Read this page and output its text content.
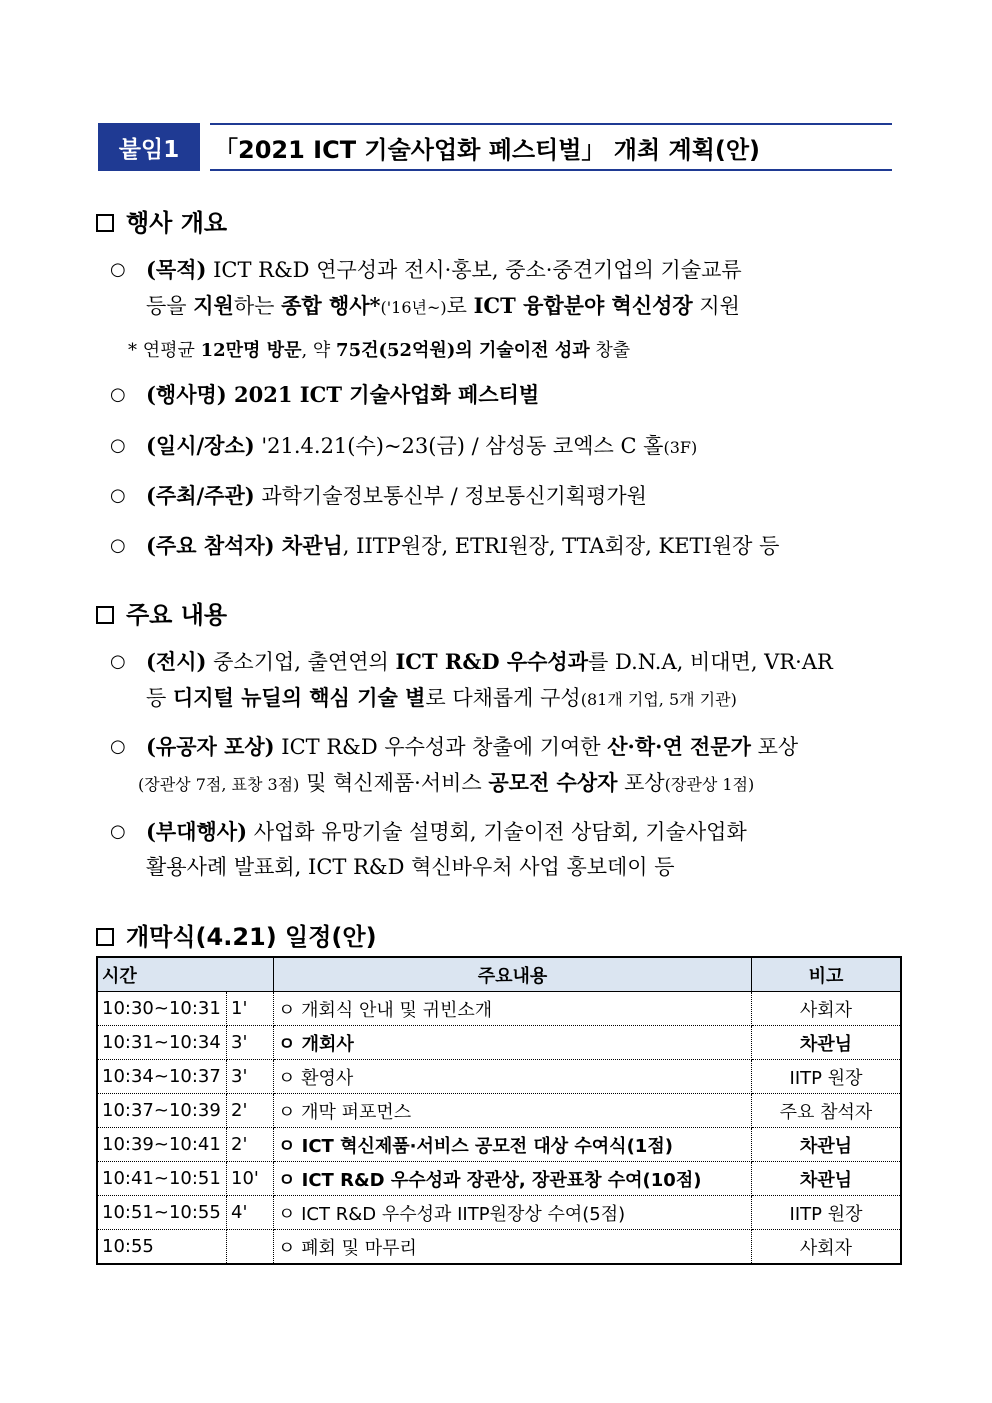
붙임1	「2021 ICT 기술사업화 페스티벌」 개최 계획(안)
행사 개요
○ (목적) ICT R&D 연구성과 전시·홍보, 중소·중견기업의 기술교류
등을 지원하는 종합 행사*('16년~)로 ICT 융합분야 혁신성장 지원
* 연평균 12만명 방문, 약 75건(52억원)의 기술이전 성과 창출
○ (행사명) 2021 ICT 기술사업화 페스티벌
○ (일시/장소) '21.4.21(수)~23(금) / 삼성동 코엑스 C 홀(3F)
○ (주최/주관) 과학기술정보통신부 / 정보통신기획평가원
○ (주요 참석자) 차관님, IITP원장, ETRI원장, TTA회장, KETI원장 등
주요 내용
○ (전시) 중소기업, 출연연의 ICT R&D 우수성과를 D.N.A, 비대면, VR·AR
등 디지털 뉴딜의 핵심 기술 별로 다채롭게 구성(81개 기업, 5개 기관)
○ (유공자 포상) ICT R&D 우수성과 창출에 기여한 산·학·연 전문가 포상
(장관상 7점, 표창 3점) 및 혁신제품·서비스 공모전 수상자 포상(장관상 1점)
○ (부대행사) 사업화 유망기술 설명회, 기술이전 상담회, 기술사업화
활용사례 발표회, ICT R&D 혁신바우처 사업 홍보데이 등
개막식(4.21) 일정(안)
시간		주요내용	비고
10:30~10:31	1'	ㅇ 개회식 안내 및 귀빈소개	사회자
10:31~10:34	3'	ㅇ 개회사	차관님
10:34~10:37	3'	ㅇ 환영사	IITP 원장
10:37~10:39	2'	ㅇ 개막 퍼포먼스	주요 참석자
10:39~10:41	2'	ㅇ ICT 혁신제품·서비스 공모전 대상 수여식(1점)	차관님
10:41~10:51	10'	ㅇ ICT R&D 우수성과 장관상, 장관표창 수여(10점)	차관님
10:51~10:55	4'	ㅇ ICT R&D 우수성과 IITP원장상 수여(5점)	IITP 원장
10:55		ㅇ 폐회 및 마무리	사회자
